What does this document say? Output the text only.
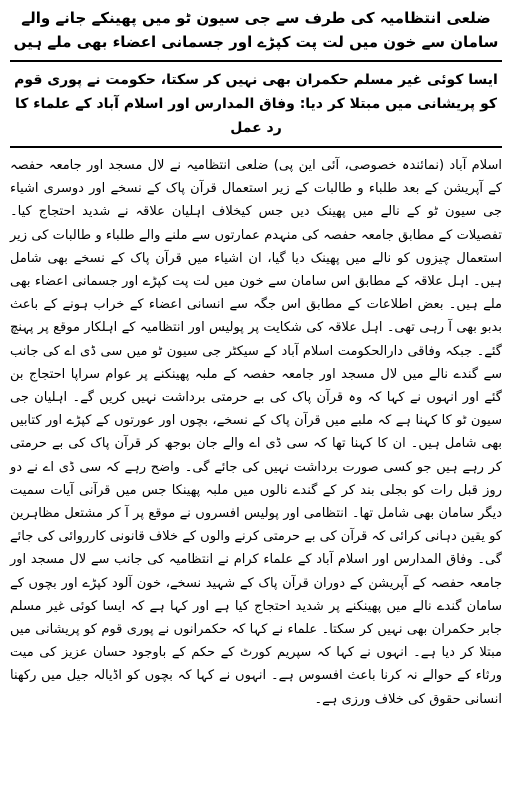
ضلعی انتظامیہ کی طرف سے جی سیون ٹو میں پھینکے جانے والے سامان سے خون میں لت پت کپڑے اور جسمانی اعضاء بھی ملے ہیں
ایسا کوئی غیر مسلم حکمران بھی نہیں کر سکتا، حکومت نے پوری قوم کو پریشانی میں مبتلا کر دیا: وفاق المدارس اور اسلام آباد کے علماء کا رد عمل
اسلام آباد (نمائندہ خصوصی، آئی این پی) ضلعی انتظامیہ نے لال مسجد اور جامعہ حفصہ کے آپریشن کے بعد طلباء و طالبات کے زیر استعمال قرآن پاک کے نسخے اور دوسری اشیاء جی سیون ٹو کے نالے میں پھینک دیں جس کیخلاف اہلیان علاقہ نے شدید احتجاج کیا۔ تفصیلات کے مطابق جامعہ حفصہ کی منہدم عمارتوں سے ملنے والے طلباء و طالبات کی زیر استعمال چیزوں کو نالے میں پھینک دیا گیا، ان اشیاء میں قرآن پاک کے نسخے بھی شامل ہیں۔ اہل علاقہ کے مطابق اس سامان سے خون میں لت پت کپڑے اور جسمانی اعضاء بھی ملے ہیں۔ بعض اطلاعات کے مطابق اس جگہ سے انسانی اعضاء کے خراب ہونے کے باعث بدبو بھی آ رہی تھی۔ اہل علاقہ کی شکایت پر پولیس اور انتظامیہ کے اہلکار موقع پر پہنچ گئے۔ جبکہ وفاقی دارالحکومت اسلام آباد کے سیکٹر جی سیون ٹو میں سی ڈی اے کی جانب سے گندے نالے میں لال مسجد اور جامعہ حفصہ کے ملبہ پھینکنے پر عوام سراپا احتجاج بن گئے اور انہوں نے کہا کہ وہ قرآن پاک کی بے حرمتی برداشت نہیں کریں گے۔ اہلیان جی سیون ٹو کا کہنا ہے کہ ملبے میں قرآن پاک کے نسخے، بچوں اور عورتوں کے کپڑے اور کتابیں بھی شامل ہیں۔ ان کا کہنا تھا کہ سی ڈی اے والے جان بوجھ کر قرآن پاک کی بے حرمتی کر رہے ہیں جو کسی صورت برداشت نہیں کی جائے گی۔ واضح رہے کہ سی ڈی اے نے دو روز قبل رات کو بجلی بند کر کے گندے نالوں میں ملبہ پھینکا جس میں قرآنی آیات سمیت دیگر سامان بھی شامل تھا۔ انتظامی اور پولیس افسروں نے موقع پر آ کر مشتعل مظاہرین کو یقین دہانی کرائی کہ قرآن کی بے حرمتی کرنے والوں کے خلاف قانونی کارروائی کی جائے گی۔ وفاق المدارس اور اسلام آباد کے علماء کرام نے انتظامیہ کی جانب سے لال مسجد اور جامعہ حفصہ کے آپریشن کے دوران قرآن پاک کے شہید نسخے، خون آلود کپڑے اور بچوں کے سامان گندے نالے میں پھینکنے پر شدید احتجاج کیا ہے اور کہا ہے کہ ایسا کوئی غیر مسلم جابر حکمران بھی نہیں کر سکتا۔ علماء نے کہا کہ حکمرانوں نے پوری قوم کو پریشانی میں مبتلا کر دیا ہے۔ انہوں نے کہا کہ سپریم کورٹ کے حکم کے باوجود حسان عزیز کی میت ورثاء کے حوالے نہ کرنا باعث افسوس ہے۔ انہوں نے کہا کہ بچوں کو اڈیالہ جیل میں رکھنا انسانی حقوق کی خلاف ورزی ہے۔
